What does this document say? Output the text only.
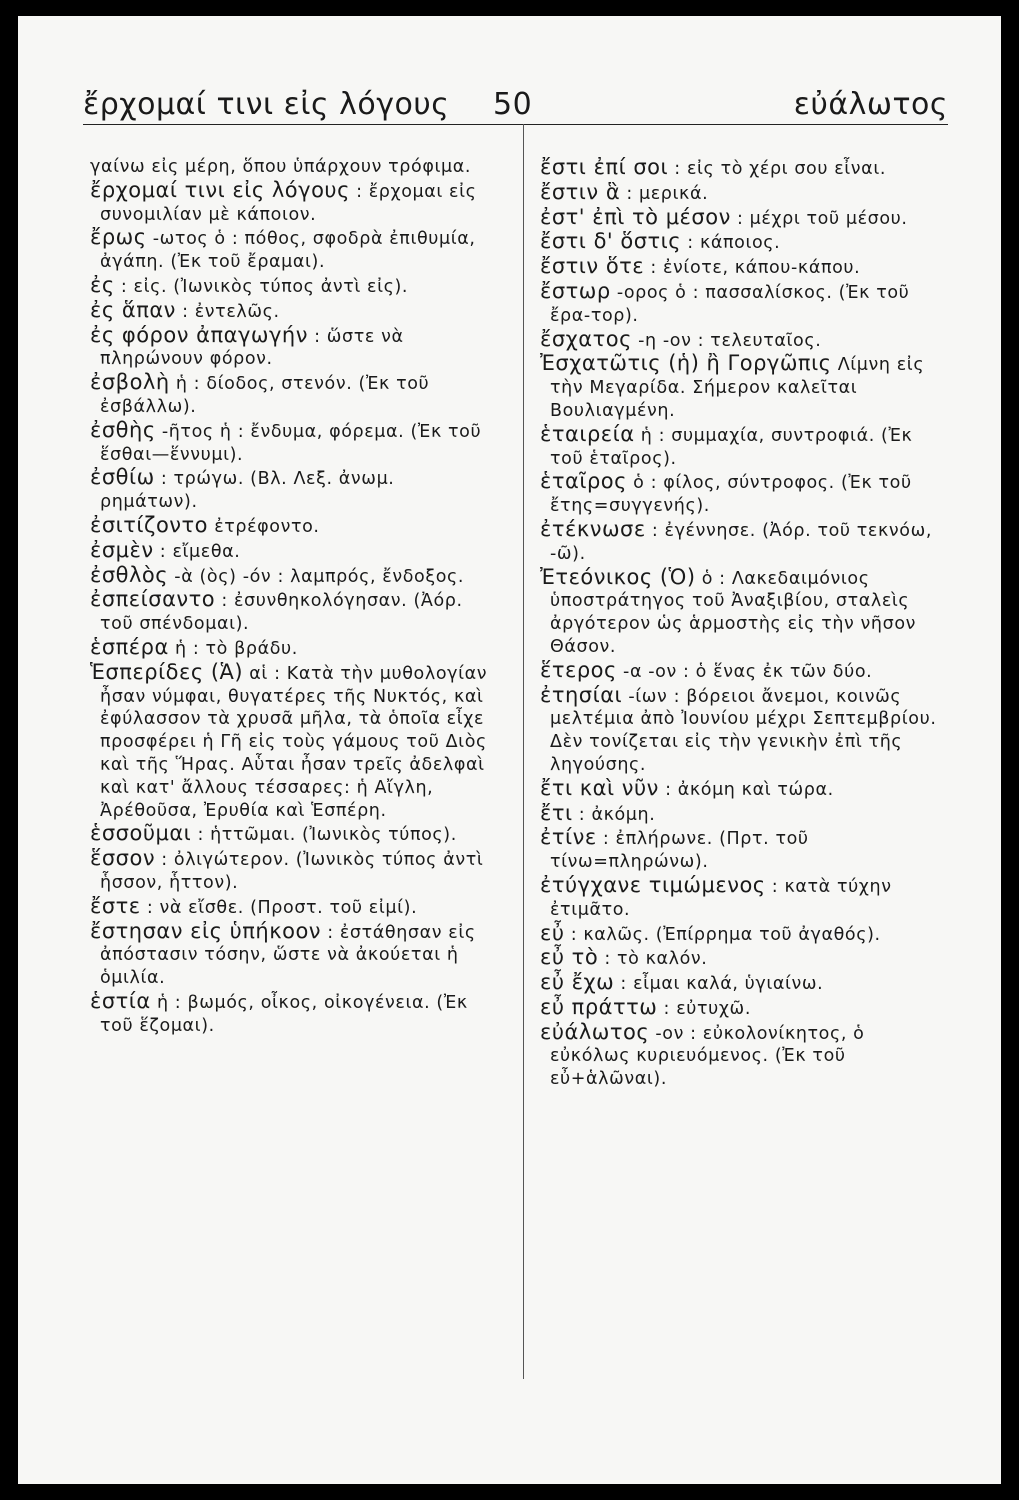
ἔρχομαί τινι εἰς λόγους 50	εὐάλωτος

γαίνω εἰς μέρη, ὅπου ὑπάρχουν τρόφιμα.

ἔρχομαί τινι εἰς λόγους : ἔρχομαι εἰς συνομιλίαν μὲ κάποιον.

ἔρως -ωτος ὁ : πόθος, σφοδρὰ ἐπιθυμία, ἀγάπη. (Ἐκ τοῦ ἔραμαι).

ἐς : εἰς. (Ἰωνικὸς τύπος ἀντὶ εἰς).

ἐς ἅπαν : ἐντελῶς.

ἐς φόρον ἀπαγωγήν : ὥστε νὰ πληρώνουν φόρον.

ἐσβολὴ ἡ : δίοδος, στενόν. (Ἐκ τοῦ ἐσβάλλω).

ἐσθὴς -ῆτος ἡ : ἔνδυμα, φόρεμα. (Ἐκ τοῦ ἕσθαι—ἕννυμι).

ἐσθίω : τρώγω. (Βλ. Λεξ. ἀνωμ. ρημάτων).

ἐσιτίζοντο ἐτρέφοντο.

ἐσμὲν : εἴμεθα.

ἐσθλὸς -ὰ (ὸς) -όν : λαμπρός, ἔνδοξος.

ἐσπείσαντο : ἐσυνθηκολόγησαν. (Ἀόρ. τοῦ σπένδομαι).

ἑσπέρα ἡ : τὸ βράδυ.

Ἑσπερίδες (Ἁ) αἱ : Κατὰ τὴν μυθολογίαν ἦσαν νύμφαι, θυγατέρες τῆς Νυκτός, καὶ ἐφύλασσον τὰ χρυσᾶ μῆλα, τὰ ὁποῖα εἶχε προσφέρει ἡ Γῆ εἰς τοὺς γάμους τοῦ Διὸς καὶ τῆς Ἥρας. Αὗται ἦσαν τρεῖς ἀδελφαὶ καὶ κατ' ἄλλους τέσσαρες: ἡ Αἴγλη, Ἀρέθοῦσα, Ἐρυθία καὶ Ἑσπέρη.

ἑσσοῦμαι : ἡττῶμαι. (Ἰωνικὸς τύπος).

ἕσσον : ὀλιγώτερον. (Ἰωνικὸς τύπος ἀντὶ ἧσσον, ἧττον).

ἔστε : νὰ εἴσθε. (Προστ. τοῦ εἰμί).

ἔστησαν εἰς ὑπήκοον : ἐστάθησαν εἰς ἀπόστασιν τόσην, ὥστε νὰ ἀκούεται ἡ ὁμιλία.

ἑστία ἡ : βωμός, οἶκος, οἰκογένεια. (Ἐκ τοῦ ἕζομαι).

ἔστι ἐπί σοι : εἰς τὸ χέρι σου εἶναι.

ἔστιν ἃ : μερικά.

ἐστ' ἐπὶ τὸ μέσον : μέχρι τοῦ μέσου.

ἔστι δ' ὅστις : κάποιος.

ἔστιν ὅτε : ἐνίοτε, κάπου-κάπου.

ἔστωρ -ορος ὁ : πασσαλίσκος. (Ἐκ τοῦ ἔρα-τορ).

ἔσχατος -η -ον : τελευταῖος.

Ἐσχατῶτις (ἡ) ἢ Γοργῶπις Λίμνη εἰς τὴν Μεγαρίδα. Σήμερον καλεῖται Βουλιαγμένη.

ἑταιρεία ἡ : συμμαχία, συντροφιά. (Ἐκ τοῦ ἑταῖρος).

ἑταῖρος ὁ : φίλος, σύντροφος. (Ἐκ τοῦ ἔτης=συγγενής).

ἐτέκνωσε : ἐγέννησε. (Ἀόρ. τοῦ τεκνόω, -ῶ).

Ἐτεόνικος (Ὁ) ὁ : Λακεδαιμόνιος ὑποστράτηγος τοῦ Ἀναξιβίου, σταλεὶς ἀργότερον ὡς ἁρμοστὴς εἰς τὴν νῆσον Θάσον.

ἕτερος -α -ον : ὁ ἕνας ἐκ τῶν δύο.

ἐτησίαι -ίων : βόρειοι ἄνεμοι, κοινῶς μελτέμια ἀπὸ Ἰουνίου μέχρι Σεπτεμβρίου. Δὲν τονίζεται εἰς τὴν γενικὴν ἐπὶ τῆς ληγούσης.

ἔτι καὶ νῦν : ἀκόμη καὶ τώρα.

ἔτι : ἀκόμη.

ἐτίνε : ἐπλήρωνε. (Πρτ. τοῦ τίνω=πληρώνω).

ἐτύγχανε τιμώμενος : κατὰ τύχην ἐτιμᾶτο.

εὖ : καλῶς. (Ἐπίρρημα τοῦ ἀγαθός).

εὖ τὸ : τὸ καλόν.

εὖ ἔχω : εἶμαι καλά, ὑγιαίνω.

εὖ πράττω : εὐτυχῶ.

εὐάλωτος -ον : εὐκολονίκητος, ὁ εὐκόλως κυριευόμενος. (Ἐκ τοῦ εὖ+ἁλῶναι).
